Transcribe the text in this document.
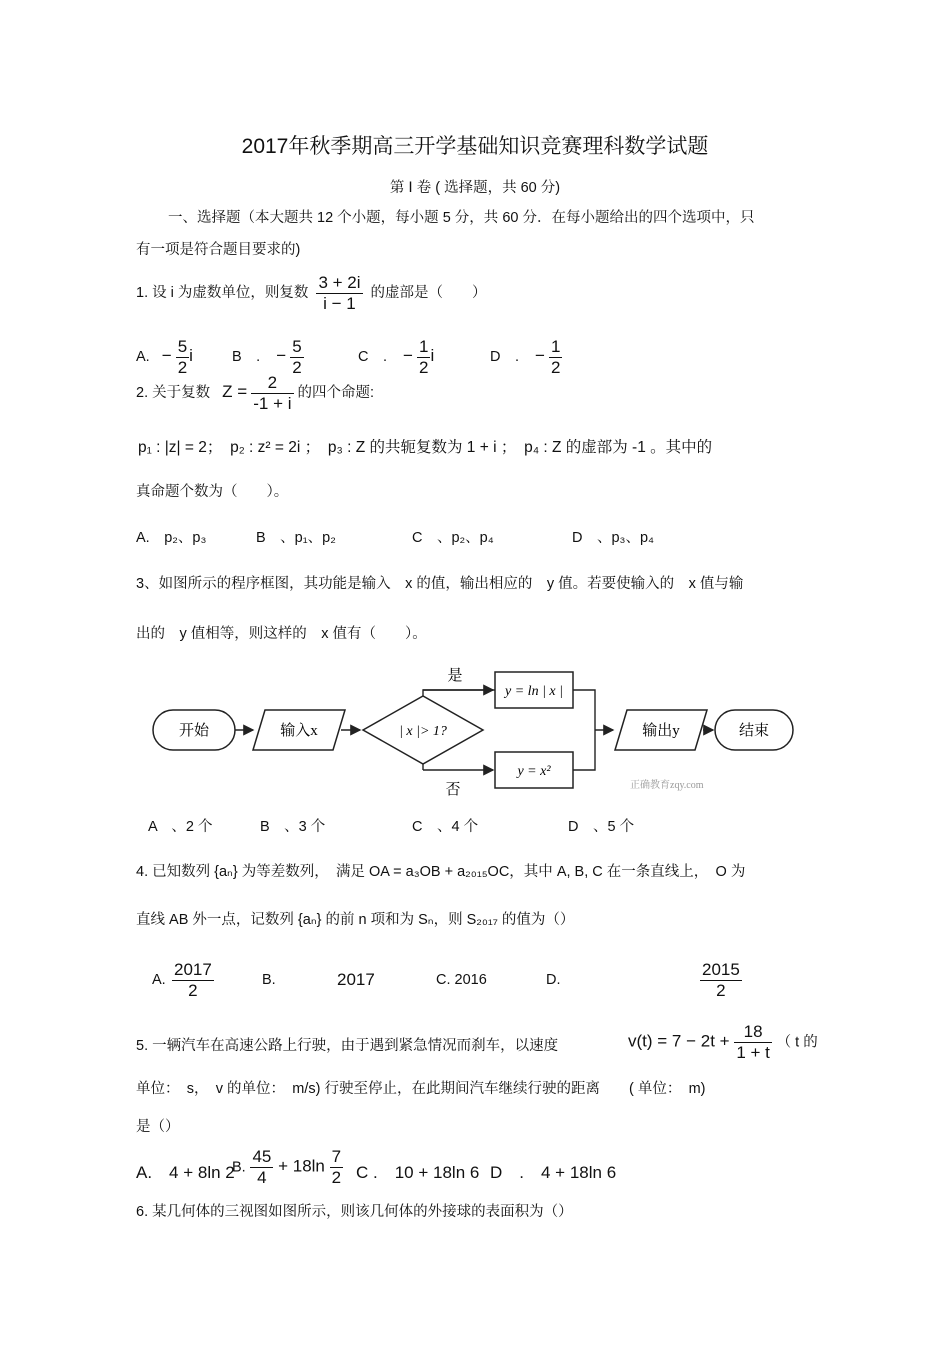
2017年秋季期高三开学基础知识竞赛理科数学试题
第 Ⅰ 卷 ( 选择题，共 60 分)
一、选择题（本大题共 12 个小题，每小题 5 分，共 60 分．在每小题给出的四个选项中，只
有一项是符合题目要求的)
1. 设 i 为虚数单位，则复数 $\frac{3 + 2i}{i - 1}$ 的虚部是（　　）
A. − $\frac{5}{2}$ i	B　. − $\frac{5}{2}$	C　. − $\frac{1}{2}$ i	D　. − $\frac{1}{2}$
2. 关于复数 $Z = \frac{2}{-1 + i}$ 的四个命题:
p₁ : |z| = 2；　p₂ : z² = 2i ；　p₃ : Z 的共轭复数为 1 + i ；　p₄ : Z 的虚部为 -1 。其中的
真命题个数为（　　）。
A.　p₂、p₃	B　、p₁、p₂	C　、p₂、p₄	D　、p₃、p₄
3、如图所示的程序框图，其功能是输入　x 的值，输出相应的　y 值。若要使输入的　x 值与输
出的　y 值相等，则这样的　x 值有（　　）。
开始	输入x	| x |> 1?
是
y = ln | x |
否
y = x²
输出y	结束
正确教育zqy.com
A　、2 个	B　、3 个	C　、4 个	D　、5 个
4. 已知数列 {aₙ} 为等差数列，　满足 OA = a₃OB + a₂₀₁₅OC，其中 A, B, C 在一条直线上，　O 为
直线 AB 外一点，记数列 {aₙ} 的前 n 项和为 Sₙ，则 S₂₀₁₇ 的值为（）
A. $\frac{2017}{2}$	B.	2017	C. 2016	D.	$\frac{2015}{2}$
5. 一辆汽车在高速公路上行驶，由于遇到紧急情况而刹车，以速度	$v(t) = 7 - 2t + \frac{18}{1 + t}$ （ t 的
单位：　s，　v 的单位：　m/s) 行驶至停止，在此期间汽车继续行驶的距离　　( 单位：　m)
是（）
A.　4 + 8ln 2
B. $\frac{45}{4} + 18\ln \frac{7}{2}$ C .　10 + 18ln 6 D　.　4 + 18ln 6
6. 某几何体的三视图如图所示，则该几何体的外接球的表面积为（）
